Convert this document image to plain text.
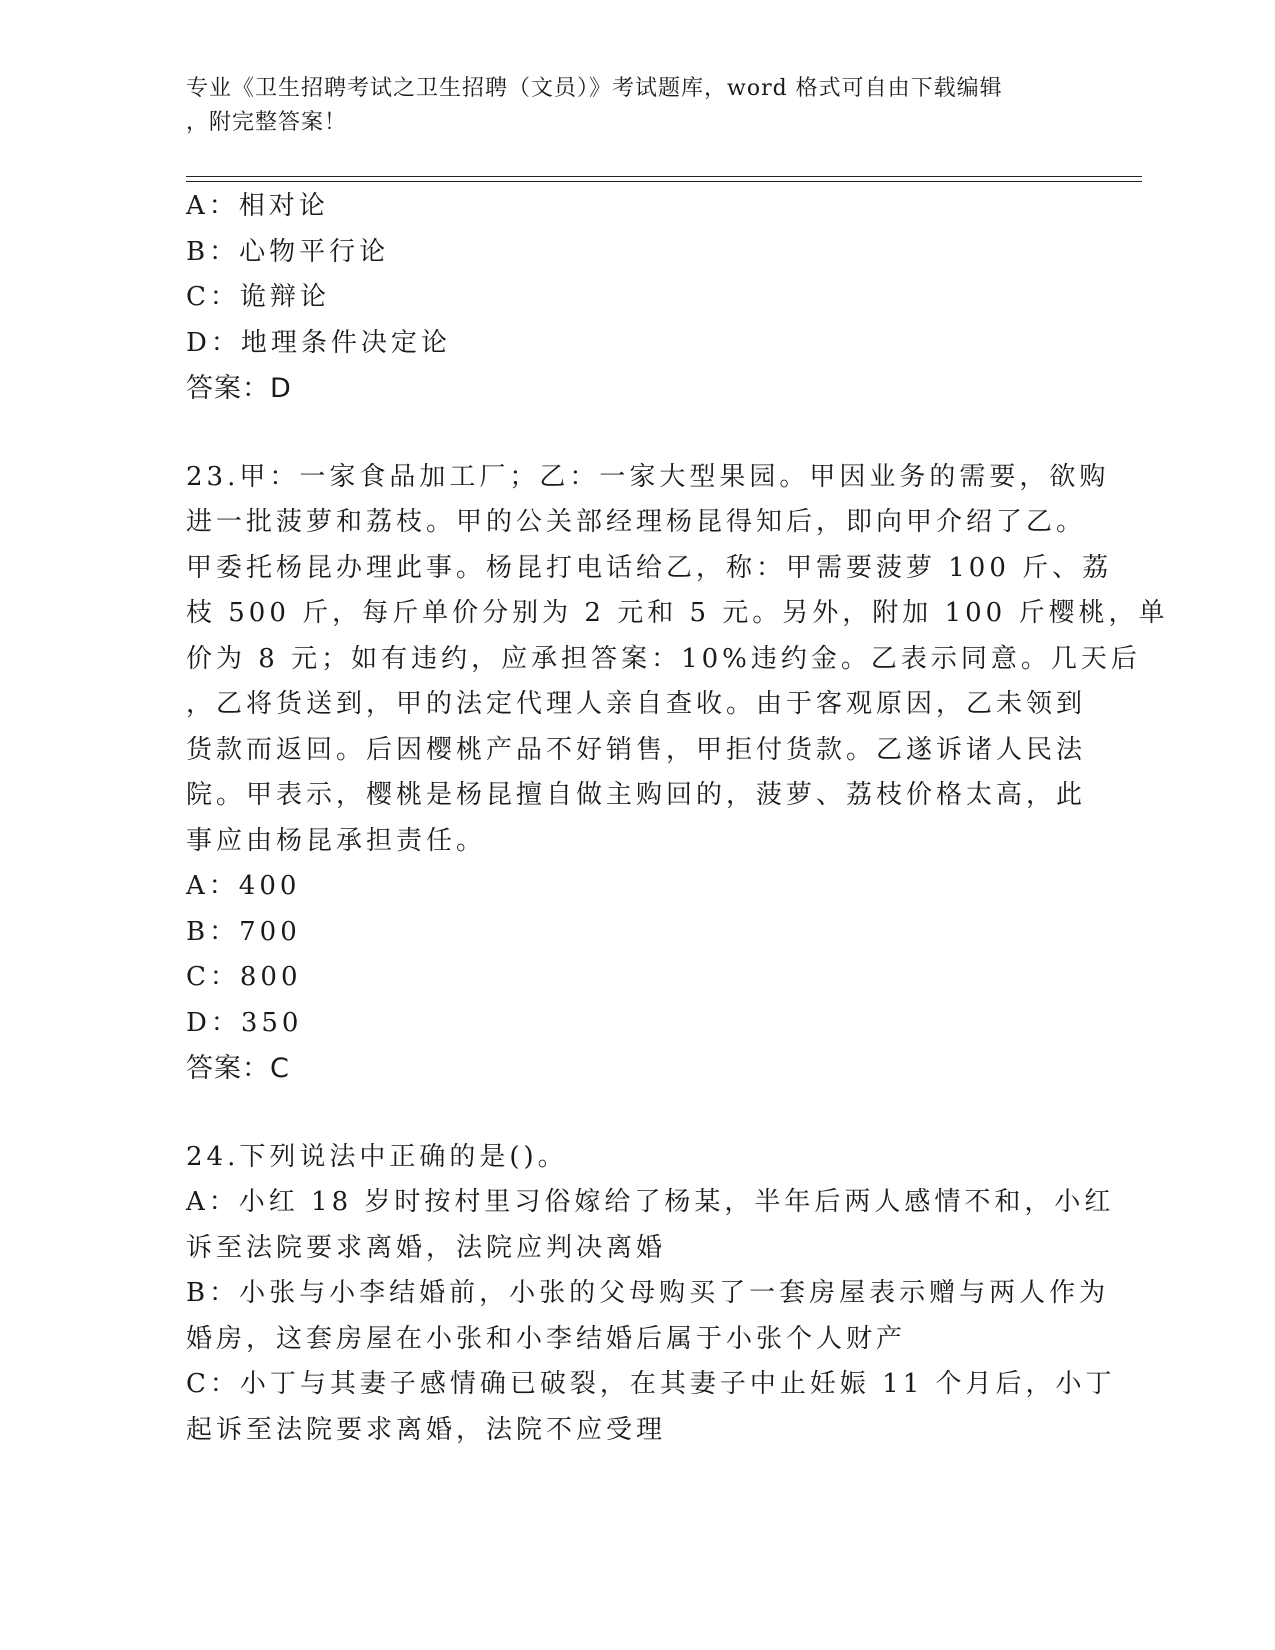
专业《卫生招聘考试之卫生招聘（文员）》考试题库，word 格式可自由下载编辑
，附完整答案！
A：相对论
B：心物平行论
C：诡辩论
D：地理条件决定论
答案：D
23.甲：一家食品加工厂；乙：一家大型果园。甲因业务的需要，欲购
进一批菠萝和荔枝。甲的公关部经理杨昆得知后，即向甲介绍了乙。
甲委托杨昆办理此事。杨昆打电话给乙，称：甲需要菠萝 100 斤、荔
枝 500 斤，每斤单价分别为 2 元和 5 元。另外，附加 100 斤樱桃，单
价为 8 元；如有违约，应承担答案：10%违约金。乙表示同意。几天后
，乙将货送到，甲的法定代理人亲自查收。由于客观原因，乙未领到
货款而返回。后因樱桃产品不好销售，甲拒付货款。乙遂诉诸人民法
院。甲表示，樱桃是杨昆擅自做主购回的，菠萝、荔枝价格太高，此
事应由杨昆承担责任。
A：400
B：700
C：800
D：350
答案：C
24.下列说法中正确的是()。
A：小红 18 岁时按村里习俗嫁给了杨某，半年后两人感情不和，小红
诉至法院要求离婚，法院应判决离婚
B：小张与小李结婚前，小张的父母购买了一套房屋表示赠与两人作为
婚房，这套房屋在小张和小李结婚后属于小张个人财产
C：小丁与其妻子感情确已破裂，在其妻子中止妊娠 11 个月后，小丁
起诉至法院要求离婚，法院不应受理
